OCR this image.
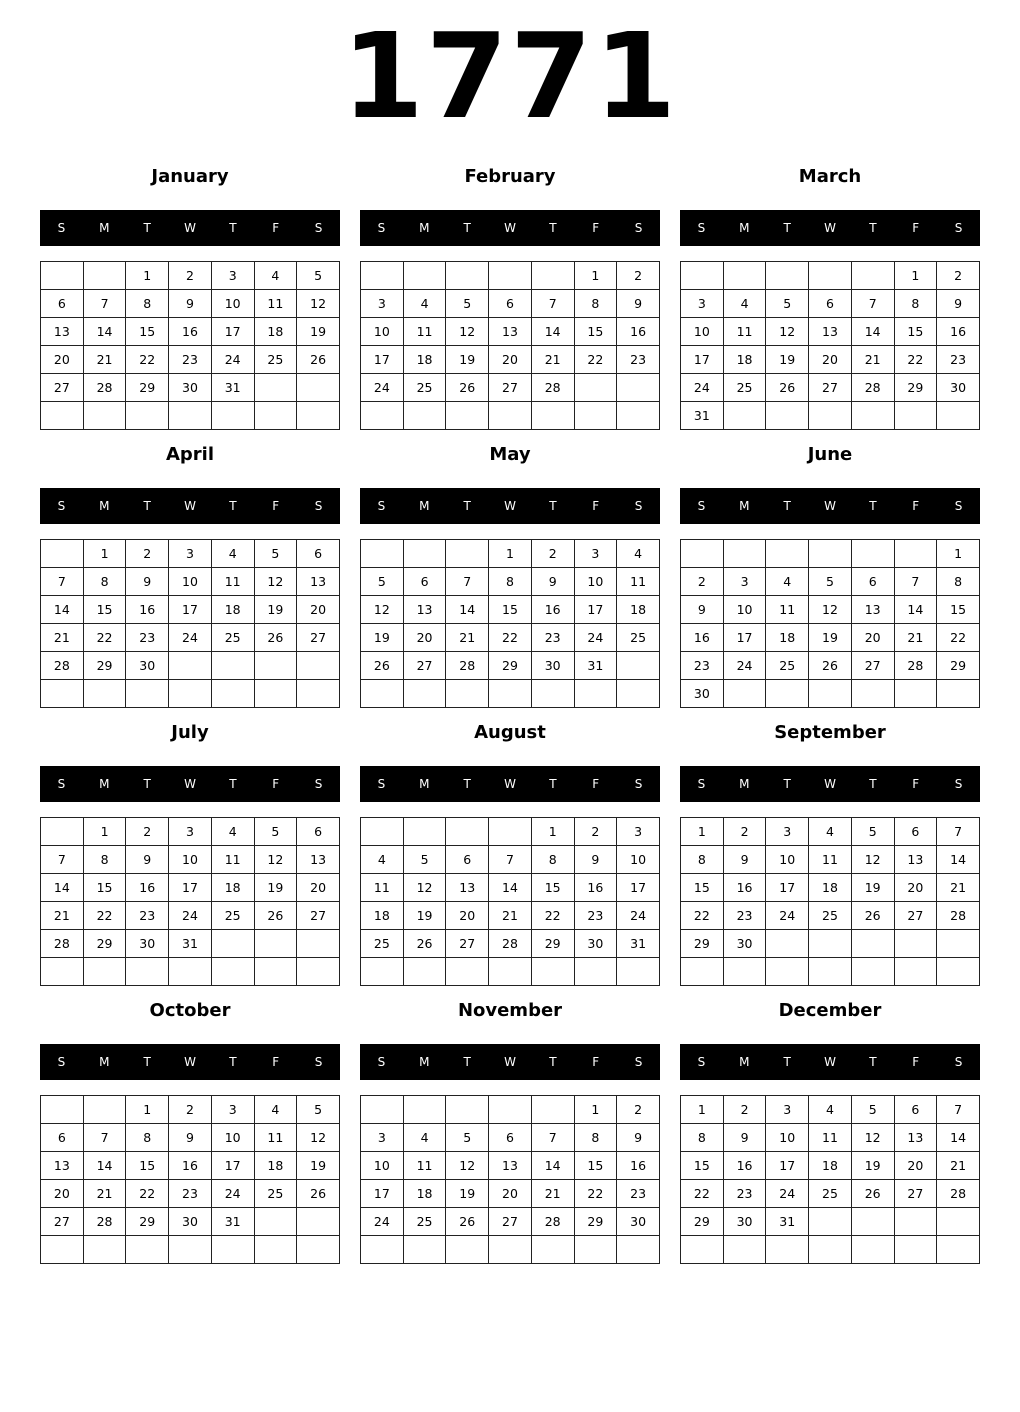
1771
January
S	M	T	W	T	F	S
		1	2	3	4	5
6	7	8	9	10	11	12
13	14	15	16	17	18	19
20	21	22	23	24	25	26
27	28	29	30	31		

February
S	M	T	W	T	F	S
					1	2
3	4	5	6	7	8	9
10	11	12	13	14	15	16
17	18	19	20	21	22	23
24	25	26	27	28		

March
S	M	T	W	T	F	S
					1	2
3	4	5	6	7	8	9
10	11	12	13	14	15	16
17	18	19	20	21	22	23
24	25	26	27	28	29	30
31						
April
S	M	T	W	T	F	S
	1	2	3	4	5	6
7	8	9	10	11	12	13
14	15	16	17	18	19	20
21	22	23	24	25	26	27
28	29	30				

May
S	M	T	W	T	F	S
			1	2	3	4
5	6	7	8	9	10	11
12	13	14	15	16	17	18
19	20	21	22	23	24	25
26	27	28	29	30	31	

June
S	M	T	W	T	F	S
						1
2	3	4	5	6	7	8
9	10	11	12	13	14	15
16	17	18	19	20	21	22
23	24	25	26	27	28	29
30						
July
S	M	T	W	T	F	S
	1	2	3	4	5	6
7	8	9	10	11	12	13
14	15	16	17	18	19	20
21	22	23	24	25	26	27
28	29	30	31			

August
S	M	T	W	T	F	S
				1	2	3
4	5	6	7	8	9	10
11	12	13	14	15	16	17
18	19	20	21	22	23	24
25	26	27	28	29	30	31

September
S	M	T	W	T	F	S
1	2	3	4	5	6	7
8	9	10	11	12	13	14
15	16	17	18	19	20	21
22	23	24	25	26	27	28
29	30					

October
S	M	T	W	T	F	S
		1	2	3	4	5
6	7	8	9	10	11	12
13	14	15	16	17	18	19
20	21	22	23	24	25	26
27	28	29	30	31		

November
S	M	T	W	T	F	S
					1	2
3	4	5	6	7	8	9
10	11	12	13	14	15	16
17	18	19	20	21	22	23
24	25	26	27	28	29	30

December
S	M	T	W	T	F	S
1	2	3	4	5	6	7
8	9	10	11	12	13	14
15	16	17	18	19	20	21
22	23	24	25	26	27	28
29	30	31				
